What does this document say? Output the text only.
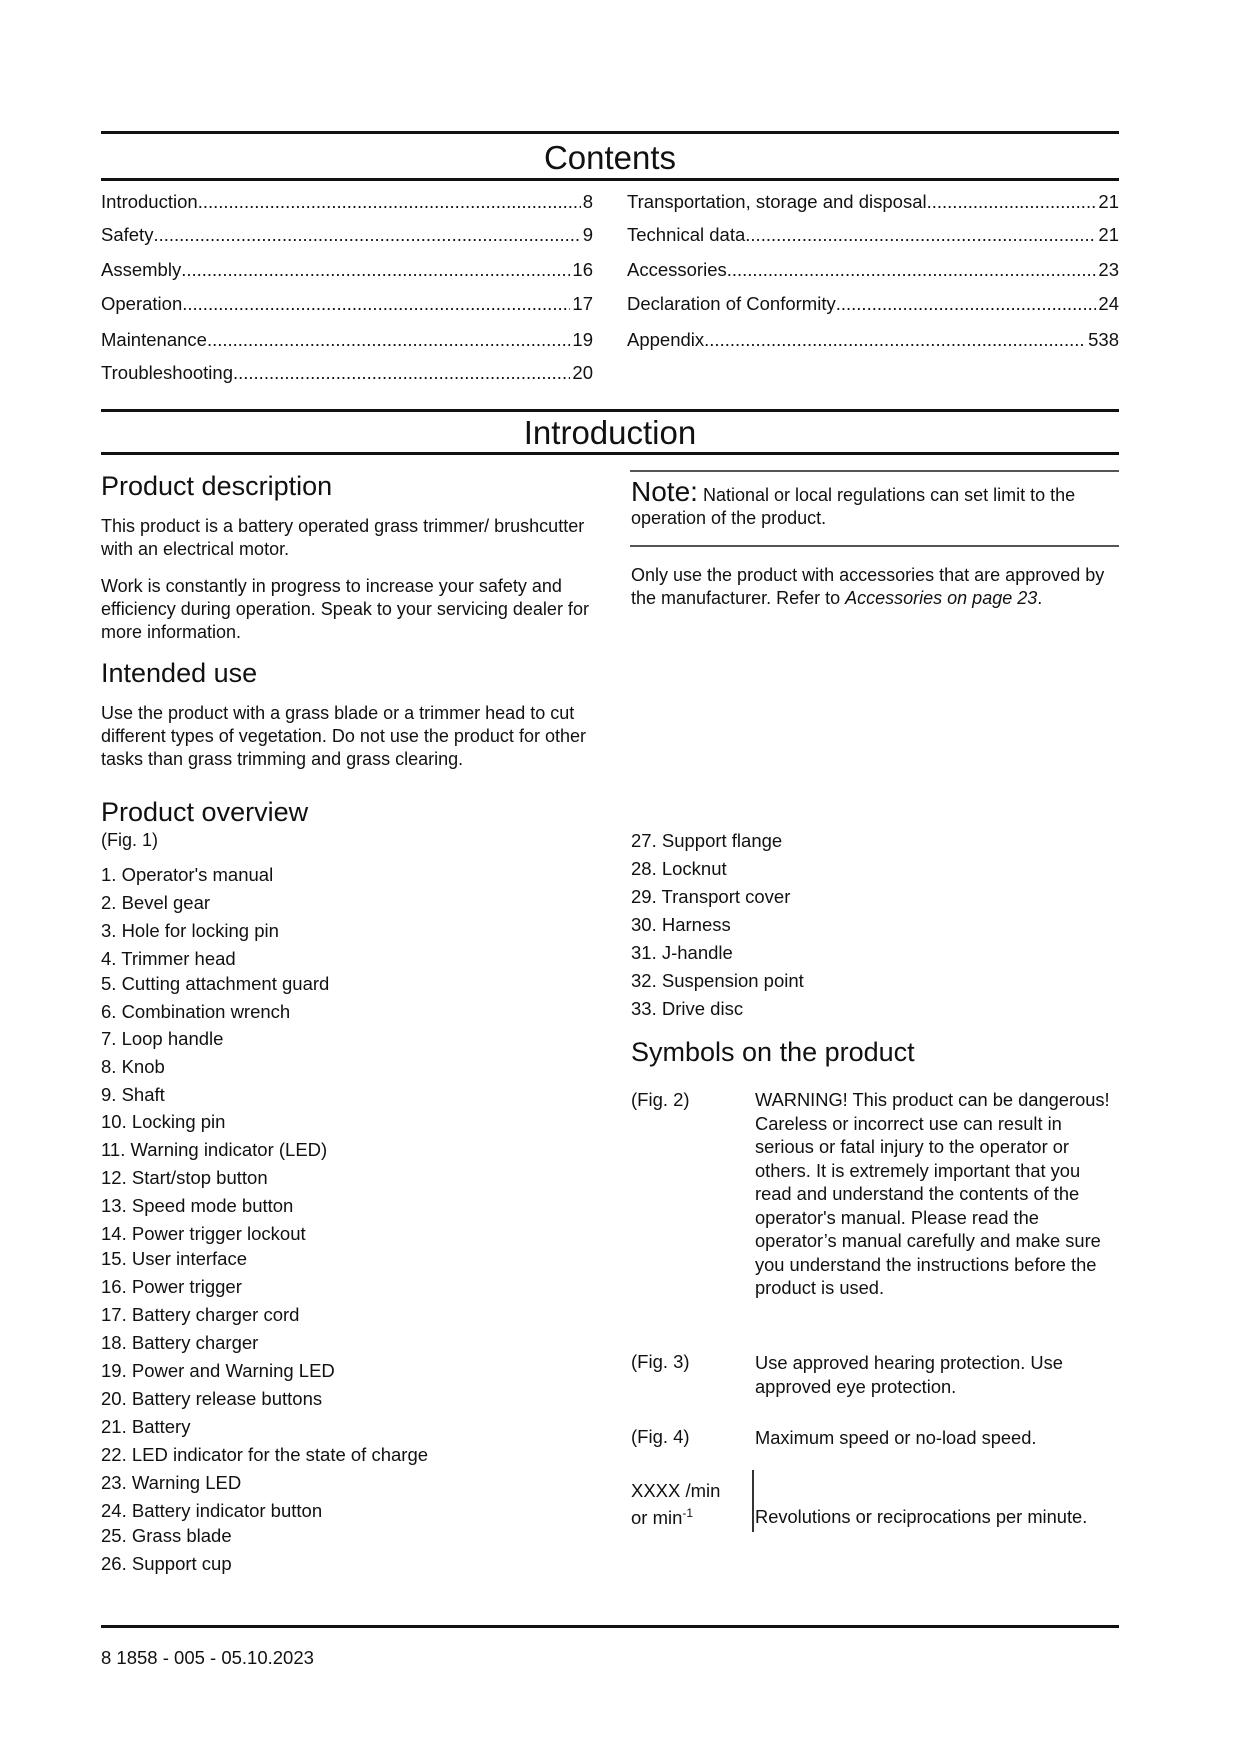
Contents
Introduction .....	8
Safety .....	9
Assembly .....	16
Operation .....	17
Maintenance .....	19
Troubleshooting .....	20
Transportation, storage and disposal .....	21
Technical data .....	21
Accessories .....	23
Declaration of Conformity .....	24
Appendix .....	538
Introduction
Product description
This product is a battery operated grass trimmer/ brushcutter with an electrical motor.
Work is constantly in progress to increase your safety and efficiency during operation. Speak to your servicing dealer for more information.
Note: National or local regulations can set limit to the operation of the product.
Only use the product with accessories that are approved by the manufacturer. Refer to Accessories on page 23.
Intended use
Use the product with a grass blade or a trimmer head to cut different types of vegetation. Do not use the product for other tasks than grass trimming and grass clearing.
Product overview
(Fig. 1)
1. Operator's manual
2. Bevel gear
3. Hole for locking pin
4. Trimmer head
5. Cutting attachment guard
6. Combination wrench
7. Loop handle
8. Knob
9. Shaft
10. Locking pin
11. Warning indicator (LED)
12. Start/stop button
13. Speed mode button
14. Power trigger lockout
15. User interface
16. Power trigger
17. Battery charger cord
18. Battery charger
19. Power and Warning LED
20. Battery release buttons
21. Battery
22. LED indicator for the state of charge
23. Warning LED
24. Battery indicator button
25. Grass blade
26. Support cup
27. Support flange
28. Locknut
29. Transport cover
30. Harness
31. J-handle
32. Suspension point
33. Drive disc
Symbols on the product
(Fig. 2)	WARNING! This product can be dangerous! Careless or incorrect use can result in serious or fatal injury to the operator or others. It is extremely important that you read and understand the contents of the operator's manual. Please read the operator’s manual carefully and make sure you understand the instructions before the product is used.
(Fig. 3)	Use approved hearing protection. Use approved eye protection.
(Fig. 4)	Maximum speed or no-load speed.
XXXX /min
or $\min^{-1}$	Revolutions or reciprocations per minute.
8 1858 - 005 - 05.10.2023
